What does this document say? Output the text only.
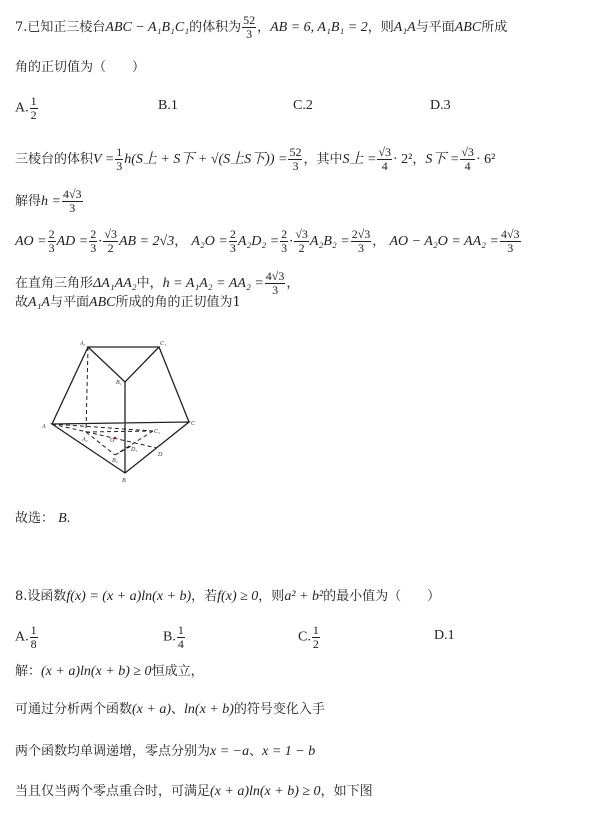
7.已知正三棱台ABC − A₁B₁C₁的体积为 $\frac{52}{3}$ ，AB = 6, A₁B₁ = 2，则A₁A与平面ABC所成
角的正切值为（　　）
A. $\frac{1}{2}$	B.1	C.2	D.3
三棱台的体积$V = \frac{1}{3} h(S$上 + S下 + √(S上S下)) = $\frac{52}{3}$ ，其中S上 = $\frac{√3}{4} \cdot 2^2$，S下 = $\frac{√3}{4} \cdot 6^2$
解得$h = \frac{4√3}{3}$
AO = $\frac{2}{3}$ AD = $\frac{2}{3} \cdot \frac{√3}{2}$ AB = 2√3， $A_2O = \frac{2}{3} A_2D_2 = \frac{2}{3} \cdot \frac{√3}{2} A_2B_2 = \frac{2√3}{3}$ ， AO − $A_2O = AA_2 = \frac{4√3}{3}$
在直角三角形ΔA₁AA₂中，$h = A_1A_2 = AA_2 = \frac{4√3}{3}$ ，
故A₁A与平面ABC所成的角的正切值为1
A₁	C₁
B₁
A	C
B
A₂
C₂
O
D₁
D
B₂
故选： B.
8.设函数f(x) = (x + a)ln(x + b)，若f(x) ≥ 0，则a² + b²的最小值为（　　）
A. $\frac{1}{8}$	B. $\frac{1}{4}$	C. $\frac{1}{2}$	D.1
解：(x + a)ln(x + b) ≥ 0恒成立，
可通过分析两个函数(x + a)、ln(x + b)的符号变化入手
两个函数均单调递增，零点分别为x = −a、x = 1 − b
当且仅当两个零点重合时，可满足(x + a)ln(x + b) ≥ 0，如下图
